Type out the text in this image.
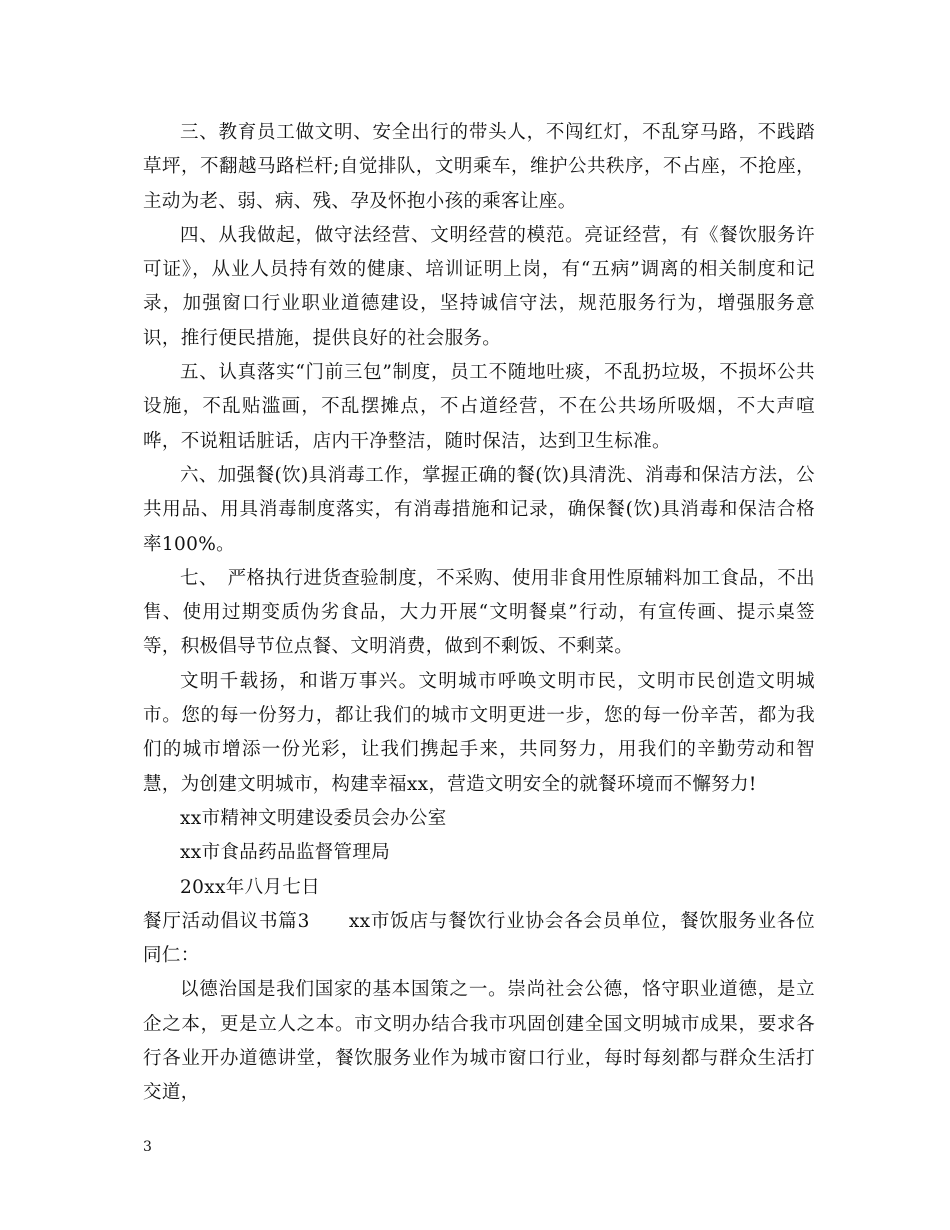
三、教育员工做文明、安全出行的带头人，不闯红灯，不乱穿马路，不践踏草坪，不翻越马路栏杆;自觉排队，文明乘车，维护公共秩序，不占座，不抢座，主动为老、弱、病、残、孕及怀抱小孩的乘客让座。

四、从我做起，做守法经营、文明经营的模范。亮证经营，有《餐饮服务许可证》，从业人员持有效的健康、培训证明上岗，有“五病”调离的相关制度和记录，加强窗口行业职业道德建设，坚持诚信守法，规范服务行为，增强服务意识，推行便民措施，提供良好的社会服务。

五、认真落实“门前三包”制度，员工不随地吐痰，不乱扔垃圾，不损坏公共设施，不乱贴滥画，不乱摆摊点，不占道经营，不在公共场所吸烟，不大声喧哗，不说粗话脏话，店内干净整洁，随时保洁，达到卫生标准。

六、加强餐(饮)具消毒工作，掌握正确的餐(饮)具清洗、消毒和保洁方法，公共用品、用具消毒制度落实，有消毒措施和记录，确保餐(饮)具消毒和保洁合格率100%。

七、　严格执行进货查验制度，不采购、使用非食用性原辅料加工食品，不出售、使用过期变质伪劣食品，大力开展“文明餐桌”行动，有宣传画、提示桌签等，积极倡导节位点餐、文明消费，做到不剩饭、不剩菜。

文明千载扬，和谐万事兴。文明城市呼唤文明市民，文明市民创造文明城市。您的每一份努力，都让我们的城市文明更进一步，您的每一份辛苦，都为我们的城市增添一份光彩，让我们携起手来，共同努力，用我们的辛勤劳动和智慧，为创建文明城市，构建幸福xx，营造文明安全的就餐环境而不懈努力!

xx市精神文明建设委员会办公室

xx市食品药品监督管理局

20xx年八月七日

餐厅活动倡议书篇3　　xx市饭店与餐饮行业协会各会员单位，餐饮服务业各位同仁：

以德治国是我们国家的基本国策之一。崇尚社会公德，恪守职业道德，是立企之本，更是立人之本。市文明办结合我市巩固创建全国文明城市成果，要求各行各业开办道德讲堂，餐饮服务业作为城市窗口行业，每时每刻都与群众生活打交道，

3
